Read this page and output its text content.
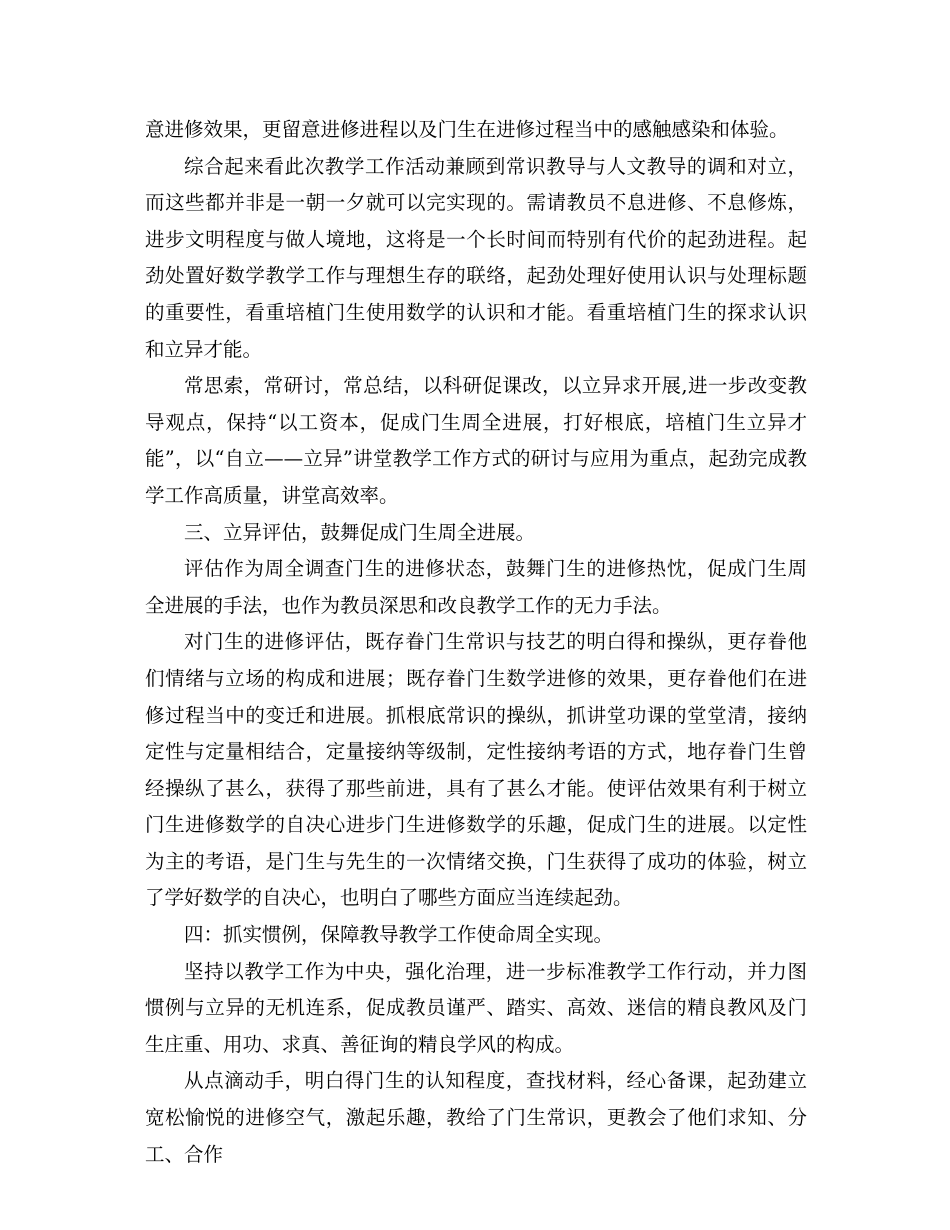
意进修效果，更留意进修进程以及门生在进修过程当中的感触感染和体验。

综合起来看此次教学工作活动兼顾到常识教导与人文教导的调和对立，而这些都并非是一朝一夕就可以完实现的。需请教员不息进修、不息修炼，进步文明程度与做人境地，这将是一个长时间而特别有代价的起劲进程。起劲处置好数学教学工作与理想生存的联络，起劲处理好使用认识与处理标题的重要性，看重培植门生使用数学的认识和才能。看重培植门生的探求认识和立异才能。

常思索，常研讨，常总结，以科研促课改，以立异求开展,进一步改变教导观点，保持“以工资本，促成门生周全进展，打好根底，培植门生立异才能”，以“自立——立异”讲堂教学工作方式的研讨与应用为重点，起劲完成教学工作高质量，讲堂高效率。

三、立异评估，鼓舞促成门生周全进展。

评估作为周全调查门生的进修状态，鼓舞门生的进修热忱，促成门生周全进展的手法，也作为教员深思和改良教学工作的无力手法。

对门生的进修评估，既存眷门生常识与技艺的明白得和操纵，更存眷他们情绪与立场的构成和进展；既存眷门生数学进修的效果，更存眷他们在进修过程当中的变迁和进展。抓根底常识的操纵，抓讲堂功课的堂堂清，接纳定性与定量相结合，定量接纳等级制，定性接纳考语的方式，地存眷门生曾经操纵了甚么，获得了那些前进，具有了甚么才能。使评估效果有利于树立门生进修数学的自决心进步门生进修数学的乐趣，促成门生的进展。以定性为主的考语，是门生与先生的一次情绪交换，门生获得了成功的体验，树立了学好数学的自决心，也明白了哪些方面应当连续起劲。

四：抓实惯例，保障教导教学工作使命周全实现。

坚持以教学工作为中央，强化治理，进一步标准教学工作行动，并力图惯例与立异的无机连系，促成教员谨严、踏实、高效、迷信的精良教风及门生庄重、用功、求真、善征询的精良学风的构成。

从点滴动手，明白得门生的认知程度，查找材料，经心备课，起劲建立宽松愉悦的进修空气，激起乐趣，教给了门生常识，更教会了他们求知、分工、合作
